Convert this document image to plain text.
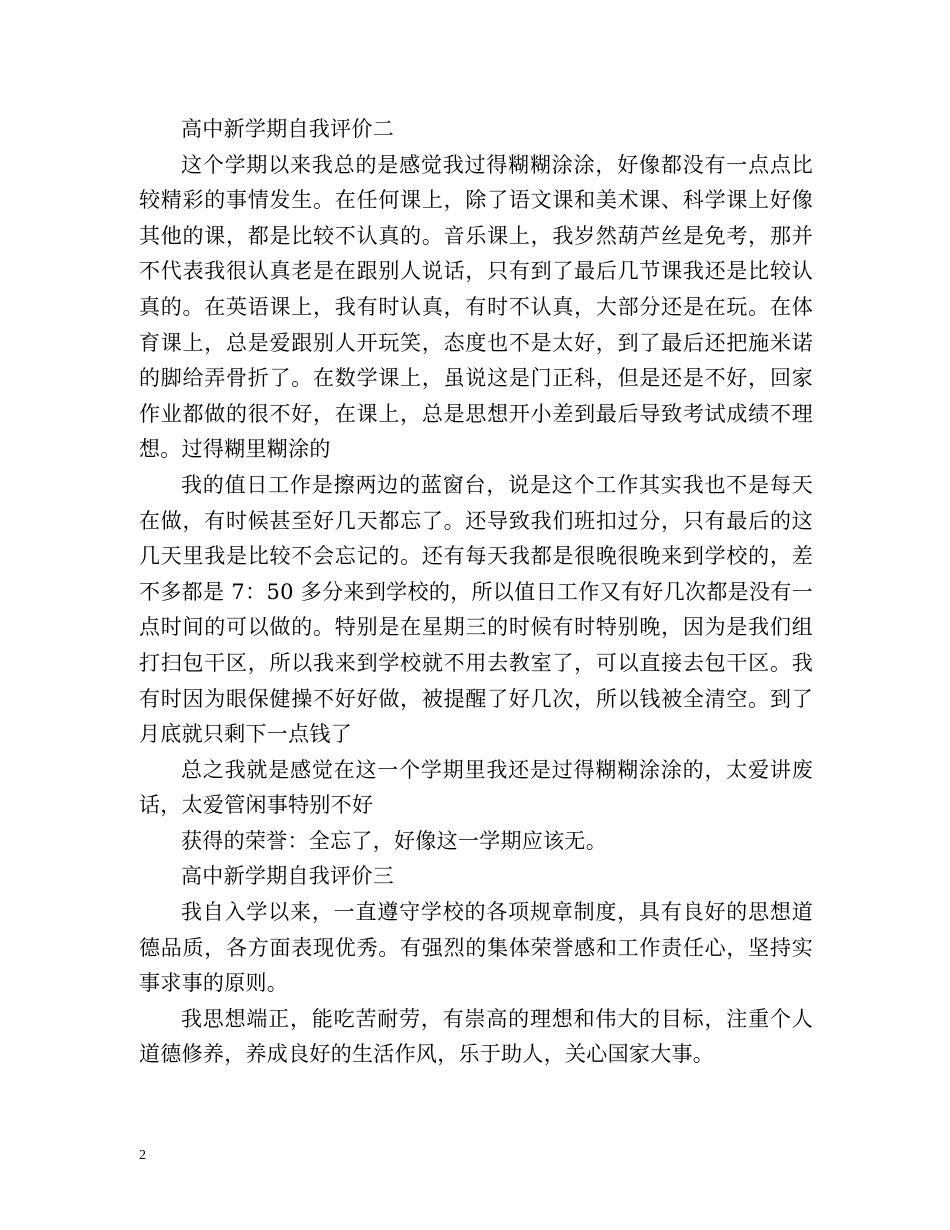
高中新学期自我评价二

这个学期以来我总的是感觉我过得糊糊涂涂，好像都没有一点点比较精彩的事情发生。在任何课上，除了语文课和美术课、科学课上好像其他的课，都是比较不认真的。音乐课上，我岁然葫芦丝是免考，那并不代表我很认真老是在跟别人说话，只有到了最后几节课我还是比较认真的。在英语课上，我有时认真，有时不认真，大部分还是在玩。在体育课上，总是爱跟别人开玩笑，态度也不是太好，到了最后还把施米诺的脚给弄骨折了。在数学课上，虽说这是门正科，但是还是不好，回家作业都做的很不好，在课上，总是思想开小差到最后导致考试成绩不理想。过得糊里糊涂的

我的值日工作是擦两边的蓝窗台，说是这个工作其实我也不是每天在做，有时候甚至好几天都忘了。还导致我们班扣过分，只有最后的这几天里我是比较不会忘记的。还有每天我都是很晚很晚来到学校的，差不多都是 7：50 多分来到学校的，所以值日工作又有好几次都是没有一点时间的可以做的。特别是在星期三的时候有时特别晚，因为是我们组打扫包干区，所以我来到学校就不用去教室了，可以直接去包干区。我有时因为眼保健操不好好做，被提醒了好几次，所以钱被全清空。到了月底就只剩下一点钱了

总之我就是感觉在这一个学期里我还是过得糊糊涂涂的，太爱讲废话，太爱管闲事特别不好

获得的荣誉：全忘了，好像这一学期应该无。

高中新学期自我评价三

我自入学以来，一直遵守学校的各项规章制度，具有良好的思想道德品质，各方面表现优秀。有强烈的集体荣誉感和工作责任心，坚持实事求事的原则。

我思想端正，能吃苦耐劳，有崇高的理想和伟大的目标，注重个人道德修养，养成良好的生活作风，乐于助人，关心国家大事。

2
